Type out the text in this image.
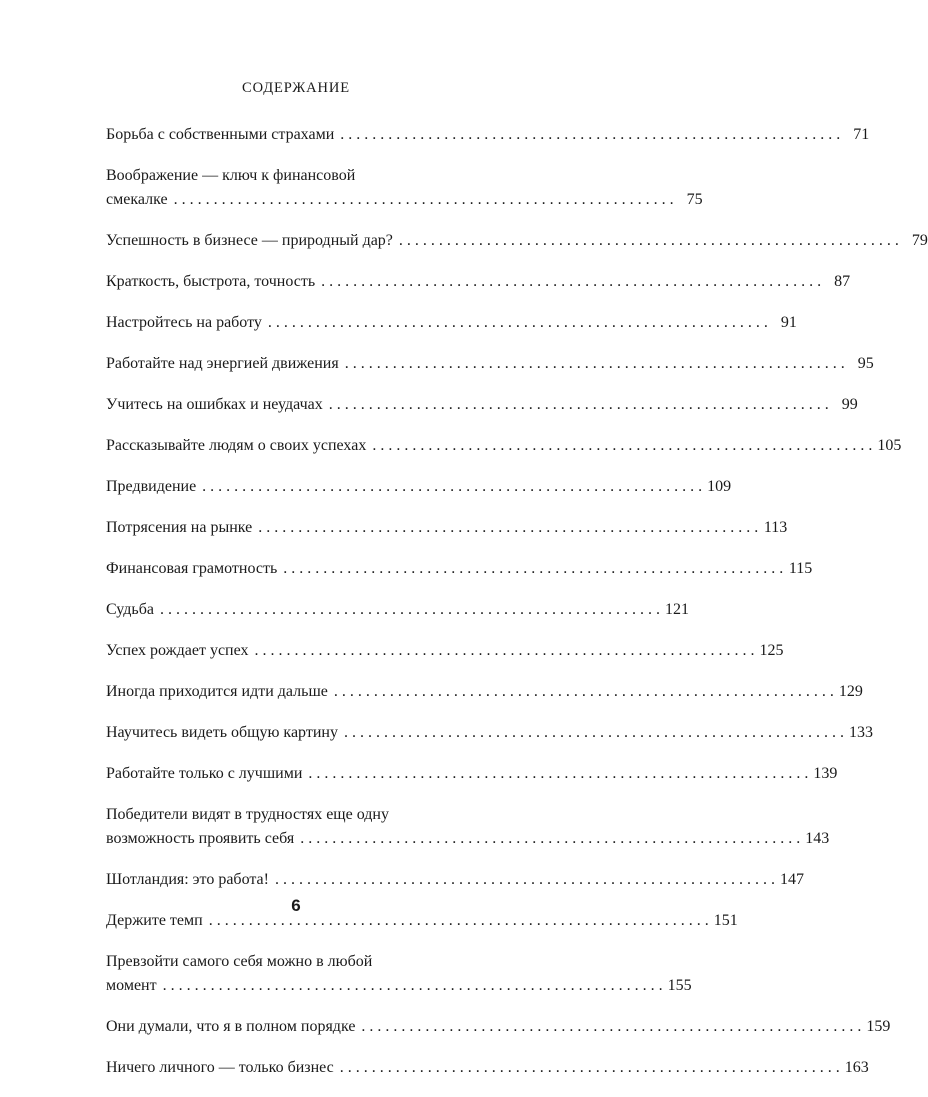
СОДЕРЖАНИЕ
Борьба с собственными страхами . . .	71
Воображение — ключ к финансовой
смекалке . . .	75
Успешность в бизнесе — природный дар? . . .	79
Краткость, быстрота, точность . . .	87
Настройтесь на работу . . .	91
Работайте над энергией движения . . .	95
Учитесь на ошибках и неудачах . . .	99
Рассказывайте людям о своих успехах . . .	105
Предвидение . . .	109
Потрясения на рынке . . .	113
Финансовая грамотность . . .	115
Судьба . . .	121
Успех рождает успех . . .	125
Иногда приходится идти дальше . . .	129
Научитесь видеть общую картину . . .	133
Работайте только с лучшими . . .	139
Победители видят в трудностях еще одну
возможность проявить себя . . .	143
Шотландия: это работа! . . .	147
Держите темп . . .	151
Превзойти самого себя можно в любой
момент . . .	155
Они думали, что я в полном порядке . . .	159
Ничего личного — только бизнес . . .	163
6
